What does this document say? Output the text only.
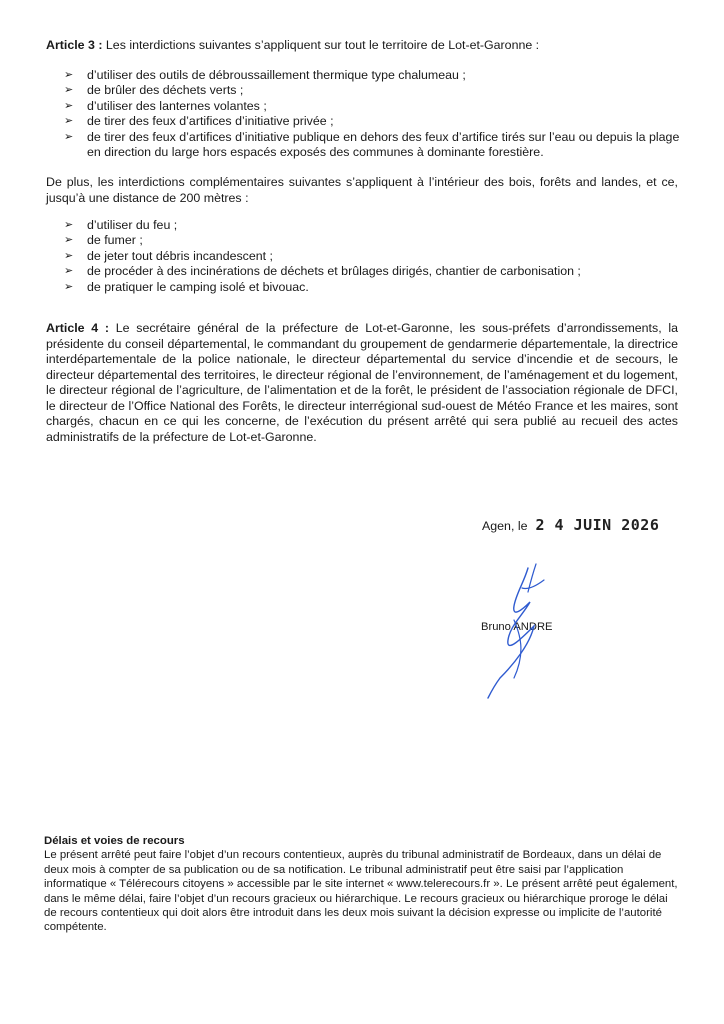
Article 3 : Les interdictions suivantes s’appliquent sur tout le territoire de Lot-et-Garonne :
➢ d’utiliser des outils de débroussaillement thermique type chalumeau ;
➢ de brûler des déchets verts ;
➢ d’utiliser des lanternes volantes ;
➢ de tirer des feux d’artifices d’initiative privée ;
➢ de tirer des feux d’artifices d’initiative publique en dehors des feux d’artifice tirés sur l’eau ou depuis la plage en direction du large hors espacés exposés des communes à dominante forestière.
De plus, les interdictions complémentaires suivantes s’appliquent à l’intérieur des bois, forêts and landes, et ce, jusqu’à une distance de 200 mètres :
➢ d’utiliser du feu ;
➢ de fumer ;
➢ de jeter tout débris incandescent ;
➢ de procéder à des incinérations de déchets et brûlages dirigés, chantier de carbonisation ;
➢ de pratiquer le camping isolé et bivouac.
Article 4 : Le secrétaire général de la préfecture de Lot-et-Garonne, les sous-préfets d’arrondissements, la présidente du conseil départemental, le commandant du groupement de gendarmerie départementale, la directrice interdépartementale de la police nationale, le directeur départemental du service d’incendie et de secours, le directeur départemental des territoires, le directeur régional de l’environnement, de l’aménagement et du logement, le directeur régional de l’agriculture, de l’alimentation et de la forêt, le président de l’association régionale de DFCI, le directeur de l’Office National des Forêts, le directeur interrégional sud-ouest de Météo France et les maires, sont chargés, chacun en ce qui les concerne, de l’exécution du présent arrêté qui sera publié au recueil des actes administratifs de la préfecture de Lot-et-Garonne.
Agen, le 2 4 JUIN 2026
Bruno ANDRE
Délais et voies de recours
Le présent arrêté peut faire l’objet d’un recours contentieux, auprès du tribunal administratif de Bordeaux, dans un délai de deux mois à compter de sa publication ou de sa notification. Le tribunal administratif peut être saisi par l’application informatique « Télérecours citoyens » accessible par le site internet « www.telerecours.fr ». Le présent arrêté peut également, dans le même délai, faire l’objet d’un recours gracieux ou hiérarchique. Le recours gracieux ou hiérarchique proroge le délai de recours contentieux qui doit alors être introduit dans les deux mois suivant la décision expresse ou implicite de l’autorité compétente.
